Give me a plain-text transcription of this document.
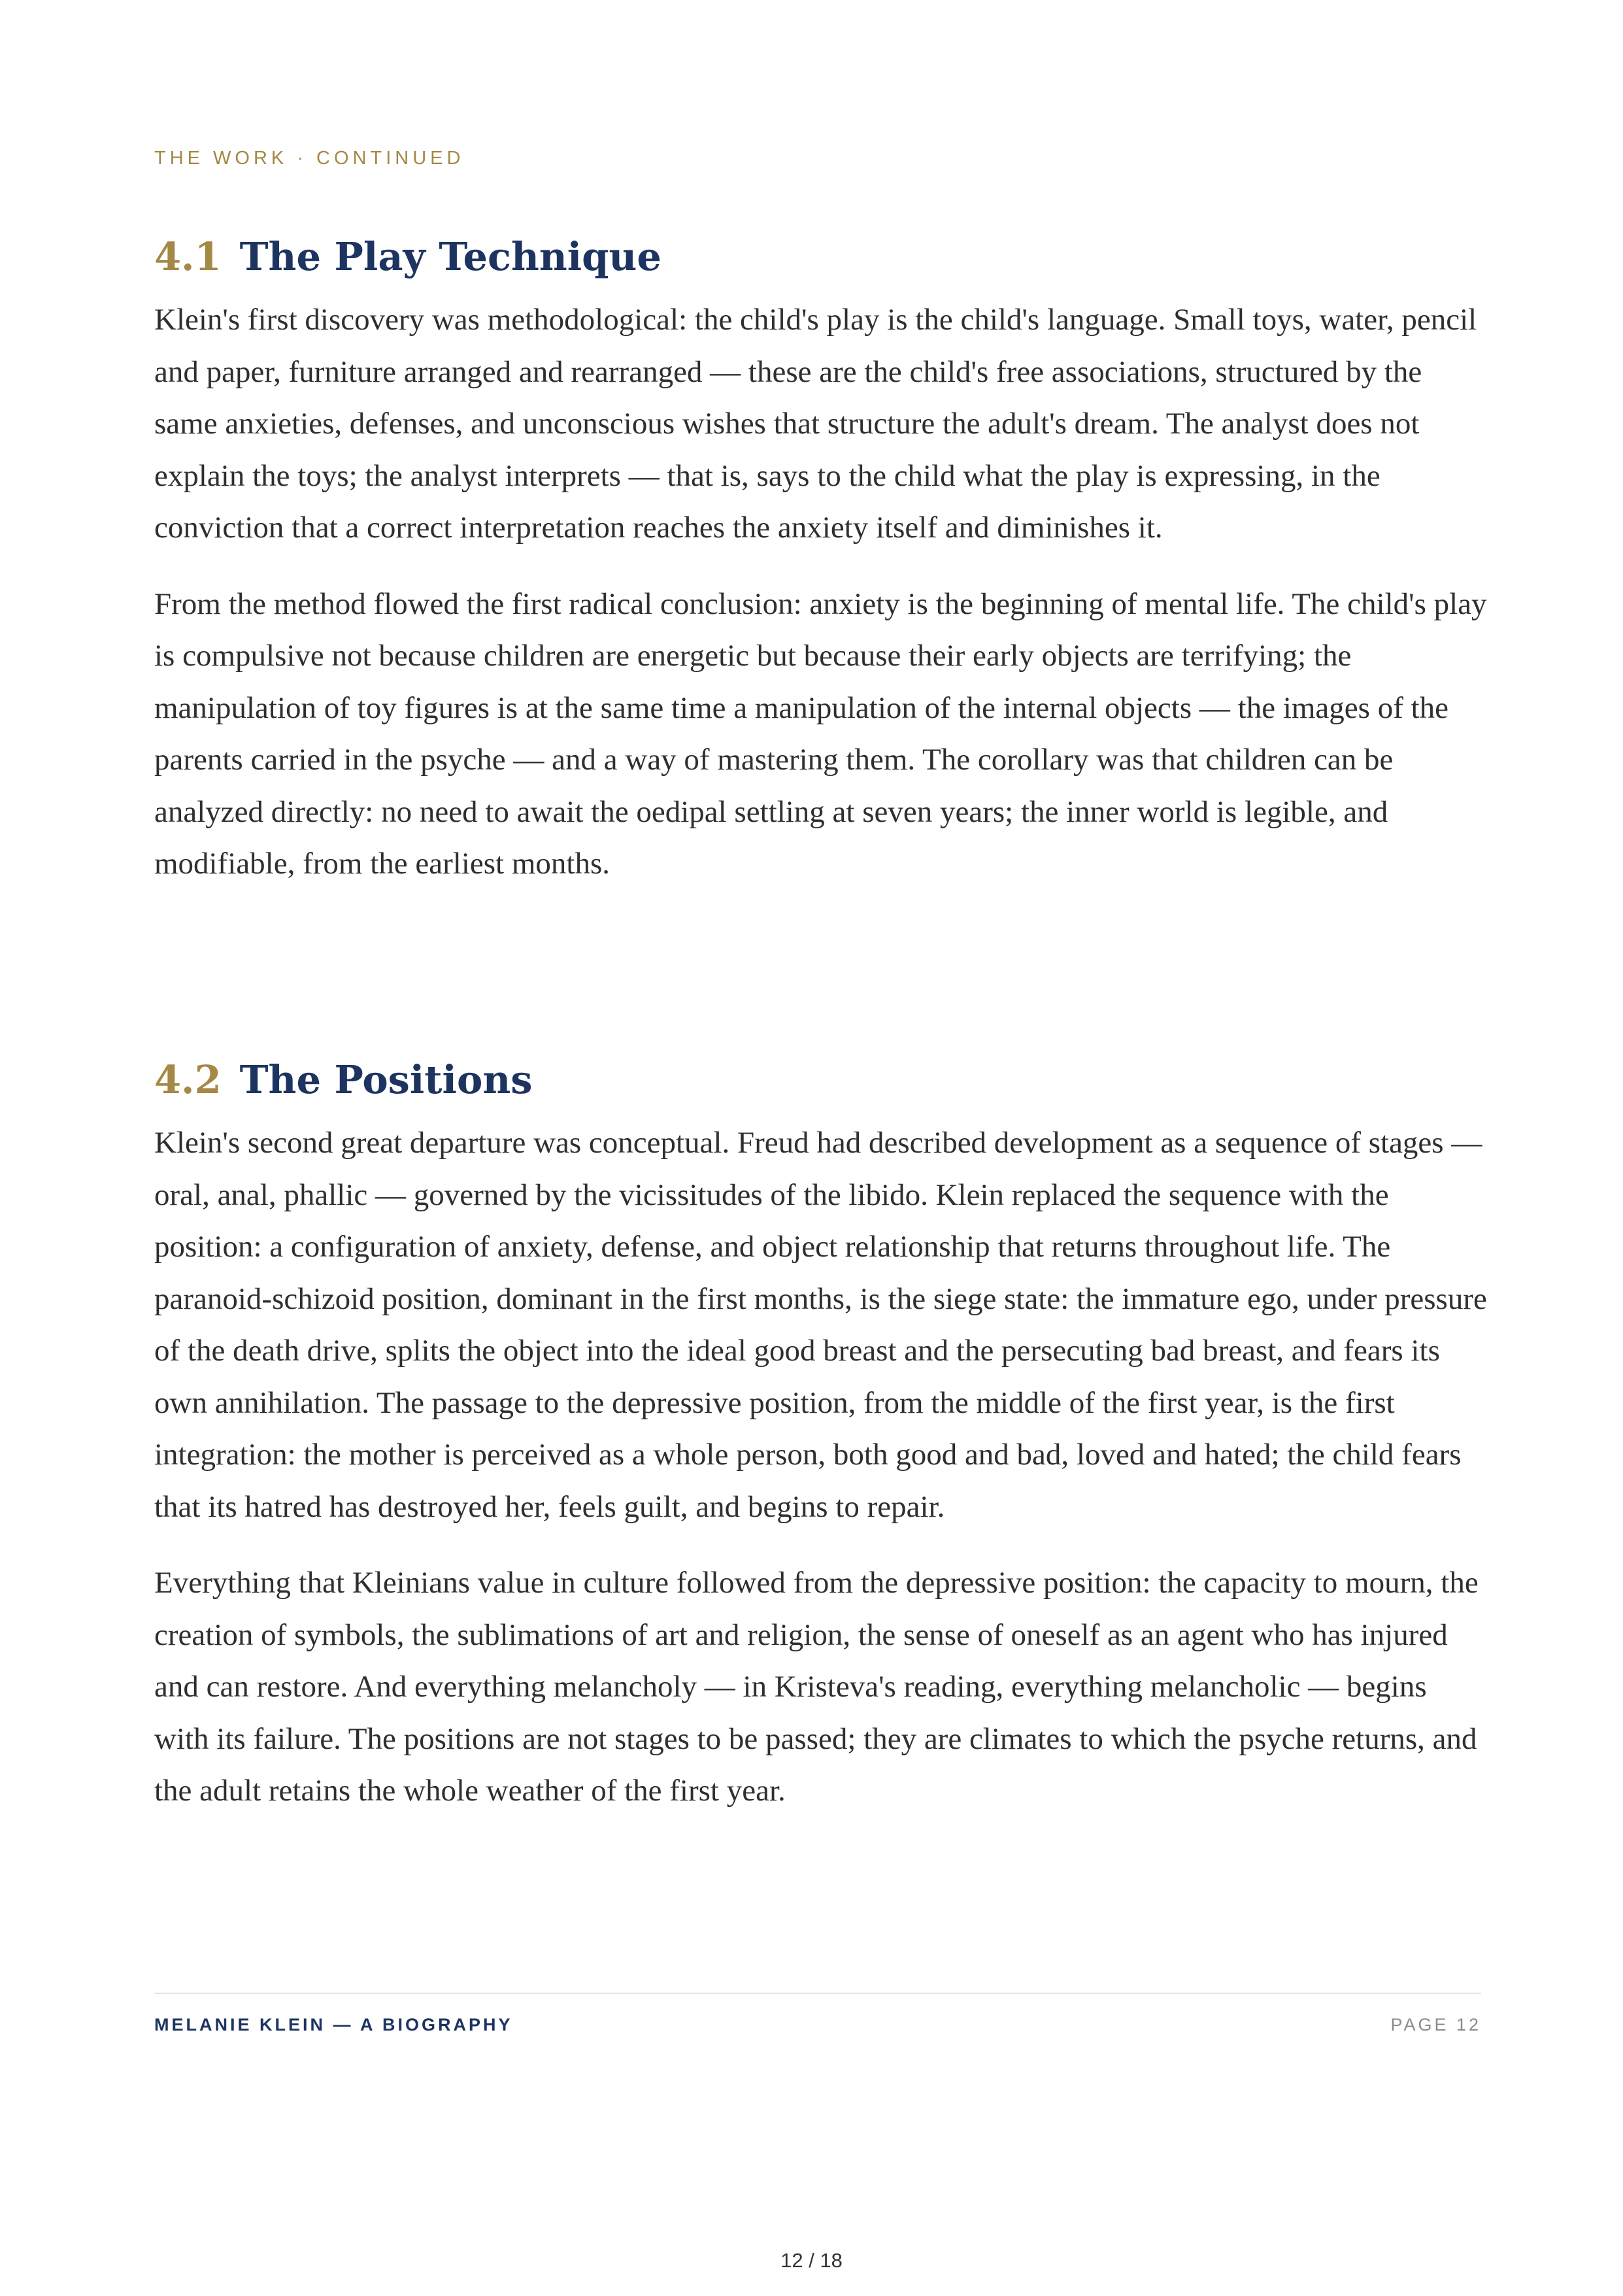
THE WORK · CONTINUED
4.1 The Play Technique

Klein's first discovery was methodological: the child's play is the child's language. Small toys, water, pencil and paper, furniture arranged and rearranged — these are the child's free associations, structured by the same anxieties, defenses, and unconscious wishes that structure the adult's dream. The analyst does not explain the toys; the analyst interprets — that is, says to the child what the play is expressing, in the conviction that a correct interpretation reaches the anxiety itself and diminishes it.

From the method flowed the first radical conclusion: anxiety is the beginning of mental life. The child's play is compulsive not because children are energetic but because their early objects are terrifying; the manipulation of toy figures is at the same time a manipulation of the internal objects — the images of the parents carried in the psyche — and a way of mastering them. The corollary was that children can be analyzed directly: no need to await the oedipal settling at seven years; the inner world is legible, and modifiable, from the earliest months.

4.2 The Positions

Klein's second great departure was conceptual. Freud had described development as a sequence of stages — oral, anal, phallic — governed by the vicissitudes of the libido. Klein replaced the sequence with the position: a configuration of anxiety, defense, and object relationship that returns throughout life. The paranoid-schizoid position, dominant in the first months, is the siege state: the immature ego, under pressure of the death drive, splits the object into the ideal good breast and the persecuting bad breast, and fears its own annihilation. The passage to the depressive position, from the middle of the first year, is the first integration: the mother is perceived as a whole person, both good and bad, loved and hated; the child fears that its hatred has destroyed her, feels guilt, and begins to repair.

Everything that Kleinians value in culture followed from the depressive position: the capacity to mourn, the creation of symbols, the sublimations of art and religion, the sense of oneself as an agent who has injured and can restore. And everything melancholy — in Kristeva's reading, everything melancholic — begins with its failure. The positions are not stages to be passed; they are climates to which the psyche returns, and the adult retains the whole weather of the first year.

MELANIE KLEIN — A BIOGRAPHY	PAGE 12
12 / 18
